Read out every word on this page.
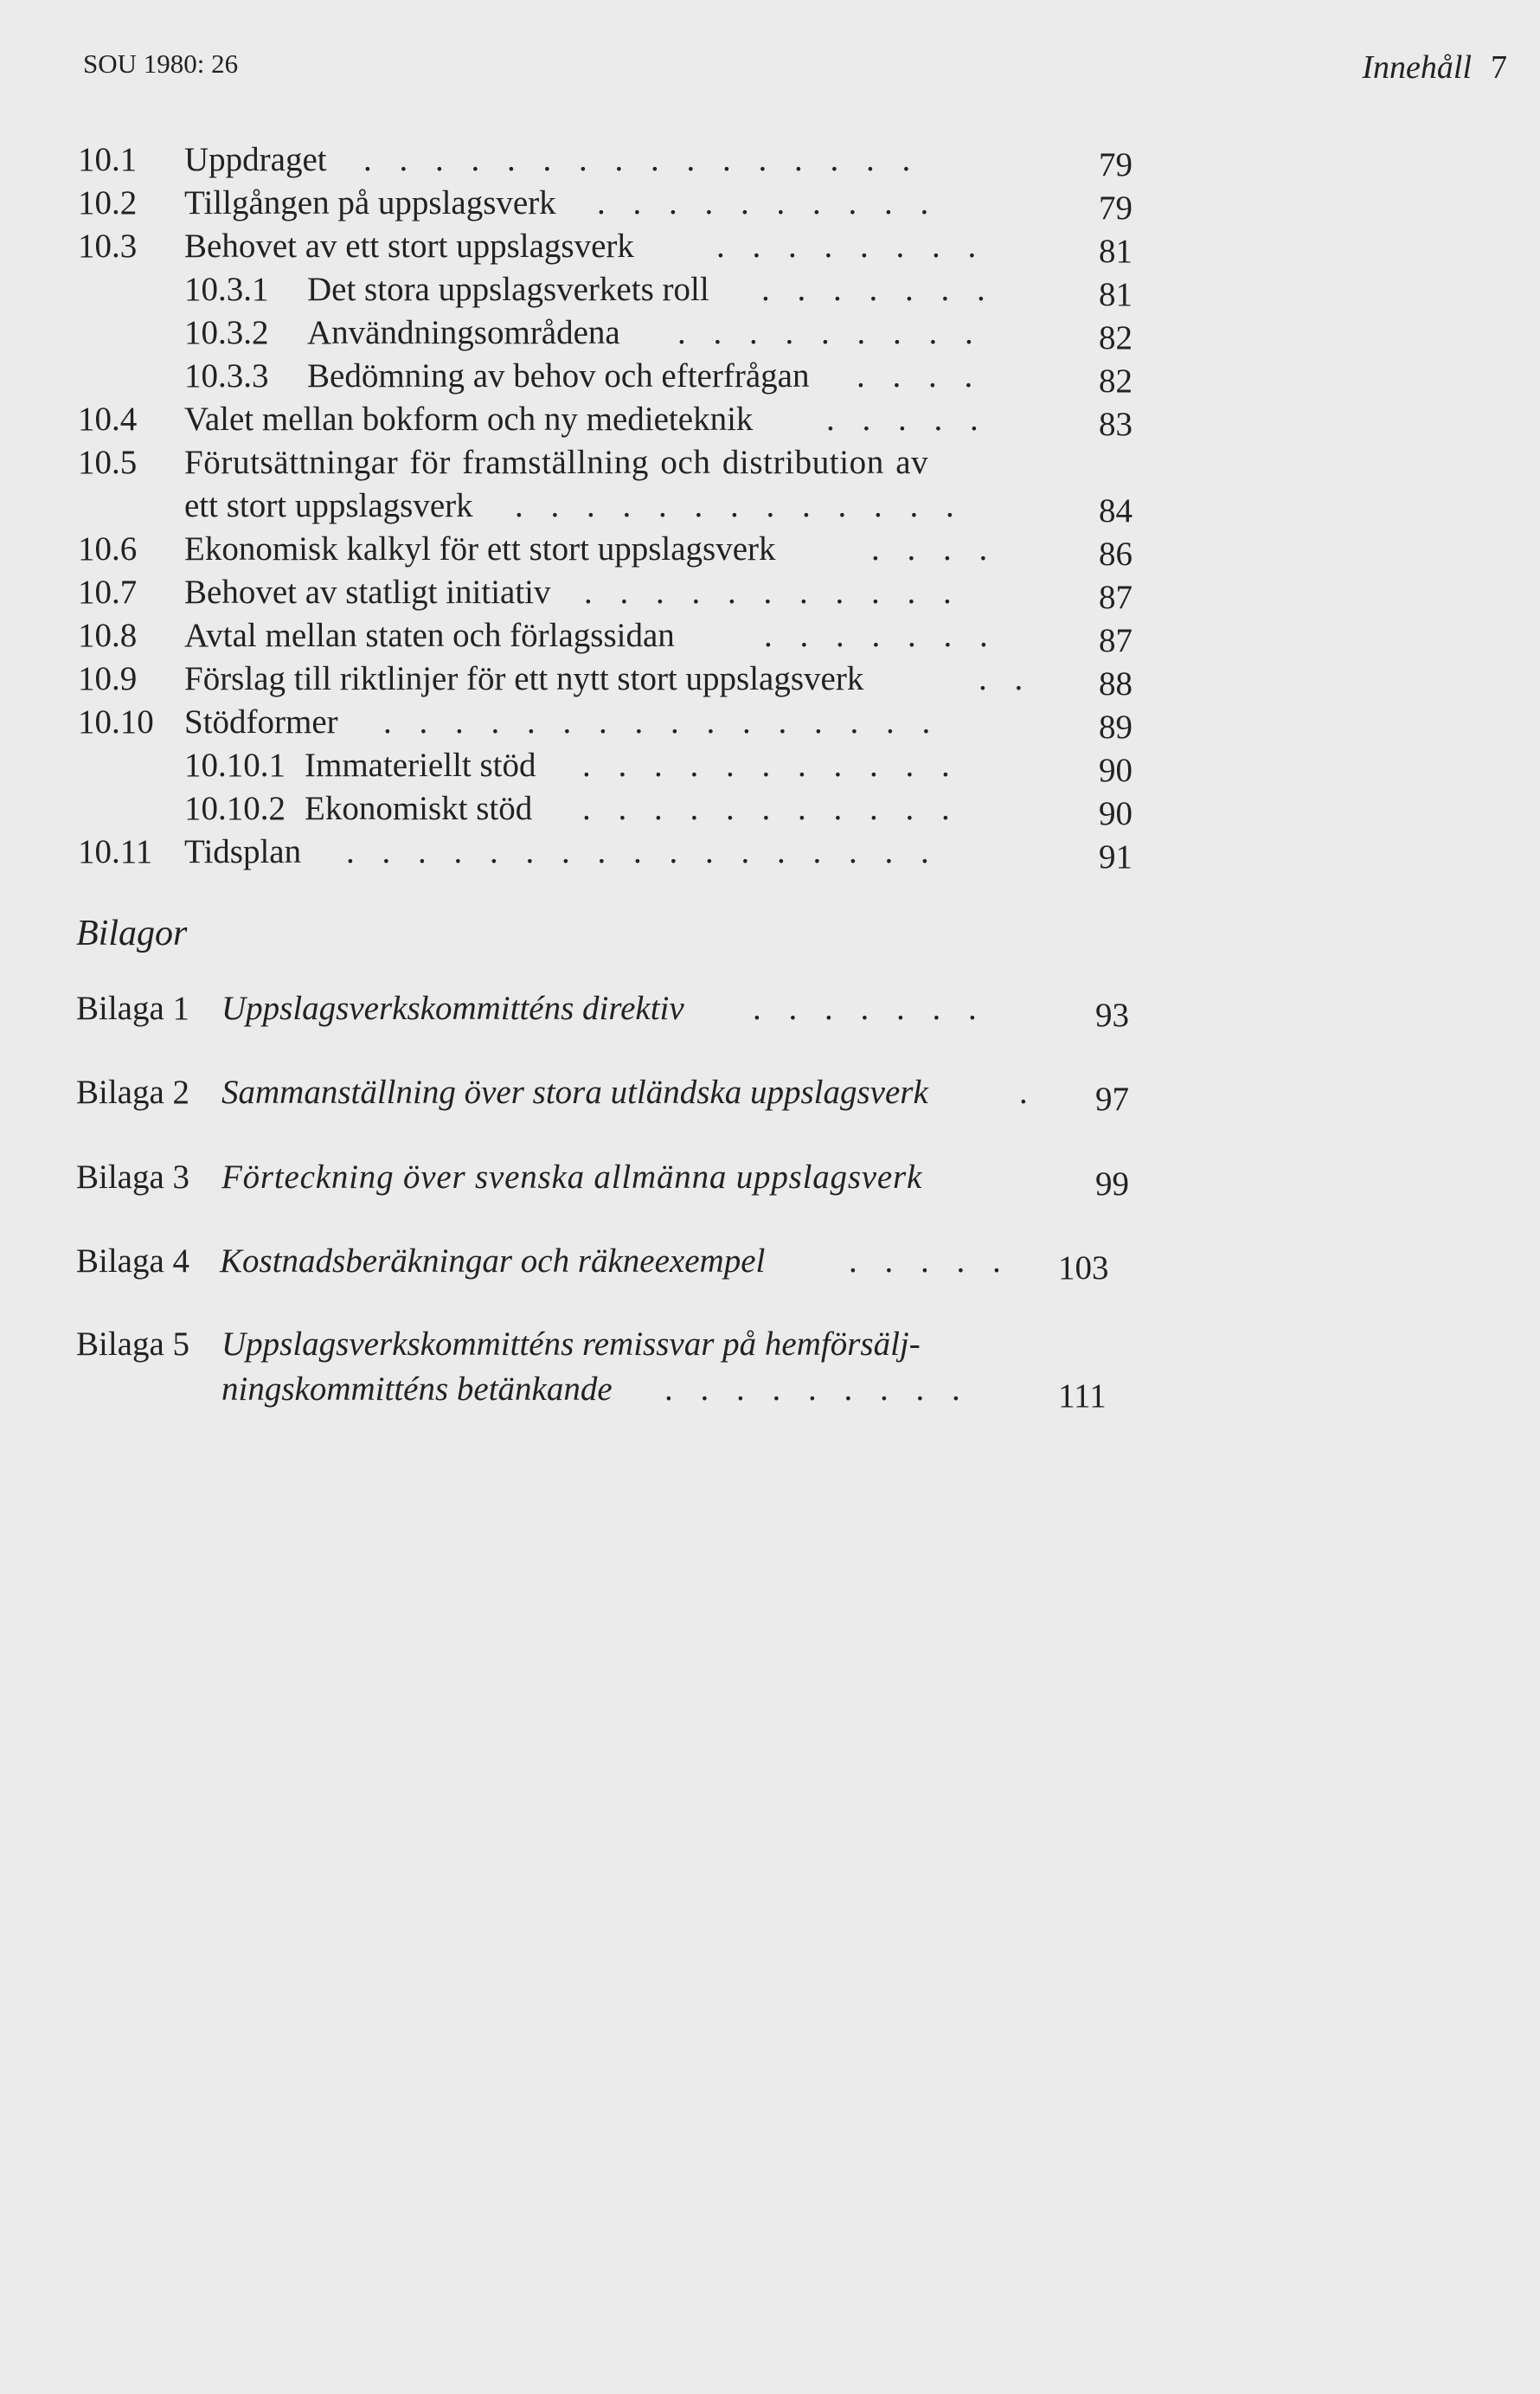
SOU 1980: 26	Innehåll 7
10.1 Uppdraget . . . . . . . . . . . . . . . .	79
10.2 Tillgången på uppslagsverk . . . . . . . . . .	79
10.3 Behovet av ett stort uppslagsverk . . . . . . . .	81
10.3.1 Det stora uppslagsverkets roll . . . . . . .	81
10.3.2 Användningsområdena . . . . . . . . .	82
10.3.3 Bedömning av behov och efterfrågan . . . .	82
10.4 Valet mellan bokform och ny medieteknik . . . . .	83
10.5 Förutsättningar för framställning och distribution av
ett stort uppslagsverk . . . . . . . . . . . . .	84
10.6 Ekonomisk kalkyl för ett stort uppslagsverk	. . . .	86
10.7 Behovet av statligt initiativ . . . . . . . . . . .	87
10.8 Avtal mellan staten och förlagssidan	. . . . . . .	87
10.9 Förslag till riktlinjer för ett nytt stort uppslagsverk	. . 88
10.10 Stödformer . . . . . . . . . . . . . . . .	89
10.10.1 Immateriellt stöd . . . . . . . . . . .	90
10.10.2 Ekonomiskt stöd . . . . . . . . . . .	90
10.11 Tidsplan . . . . . . . . . . . . . . . . .	91
Bilagor
Bilaga 1 Uppslagsverkskommitténs direktiv . . . . . . .	93
Bilaga 2 Sammanställning över stora utländska uppslagsverk	. 97
Bilaga 3 Förteckning över svenska allmänna uppslagsverk	99
Bilaga 4 Kostnadsberäkningar och räkneexempel . . . . . 103
Bilaga 5 Uppslagsverkskommitténs remissvar på hemförsälj-
ningskommitténs betänkande . . . . . . . . .	111
